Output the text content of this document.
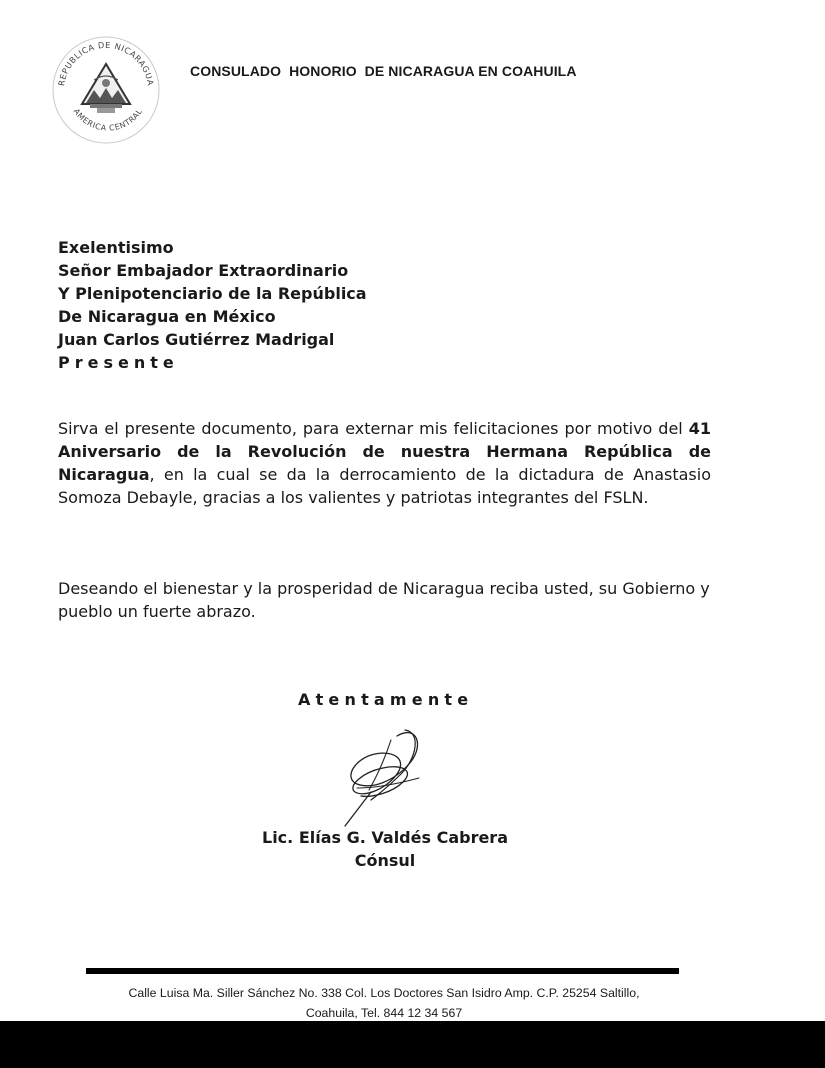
REPUBLICA DE NICARAGUA
AMERICA CENTRAL
CONSULADO  HONORIO  DE NICARAGUA EN COAHUILA
Exelentisimo
Señor Embajador Extraordinario
Y Plenipotenciario de la República
De Nicaragua en México
Juan Carlos Gutiérrez Madrigal
Presente
Sirva el presente documento, para externar mis felicitaciones por motivo del 41 Aniversario de la Revolución de nuestra Hermana República de Nicaragua, en la cual se da la derrocamiento de la dictadura de Anastasio Somoza Debayle, gracias a los valientes y patriotas integrantes del FSLN.
Deseando el bienestar y la prosperidad de Nicaragua reciba usted, su Gobierno y pueblo un fuerte abrazo.
Atentamente
Lic. Elías G. Valdés Cabrera
Cónsul
Calle Luisa Ma. Siller Sánchez No. 338 Col. Los Doctores San Isidro Amp. C.P. 25254 Saltillo,
Coahuila, Tel. 844 12 34 567
